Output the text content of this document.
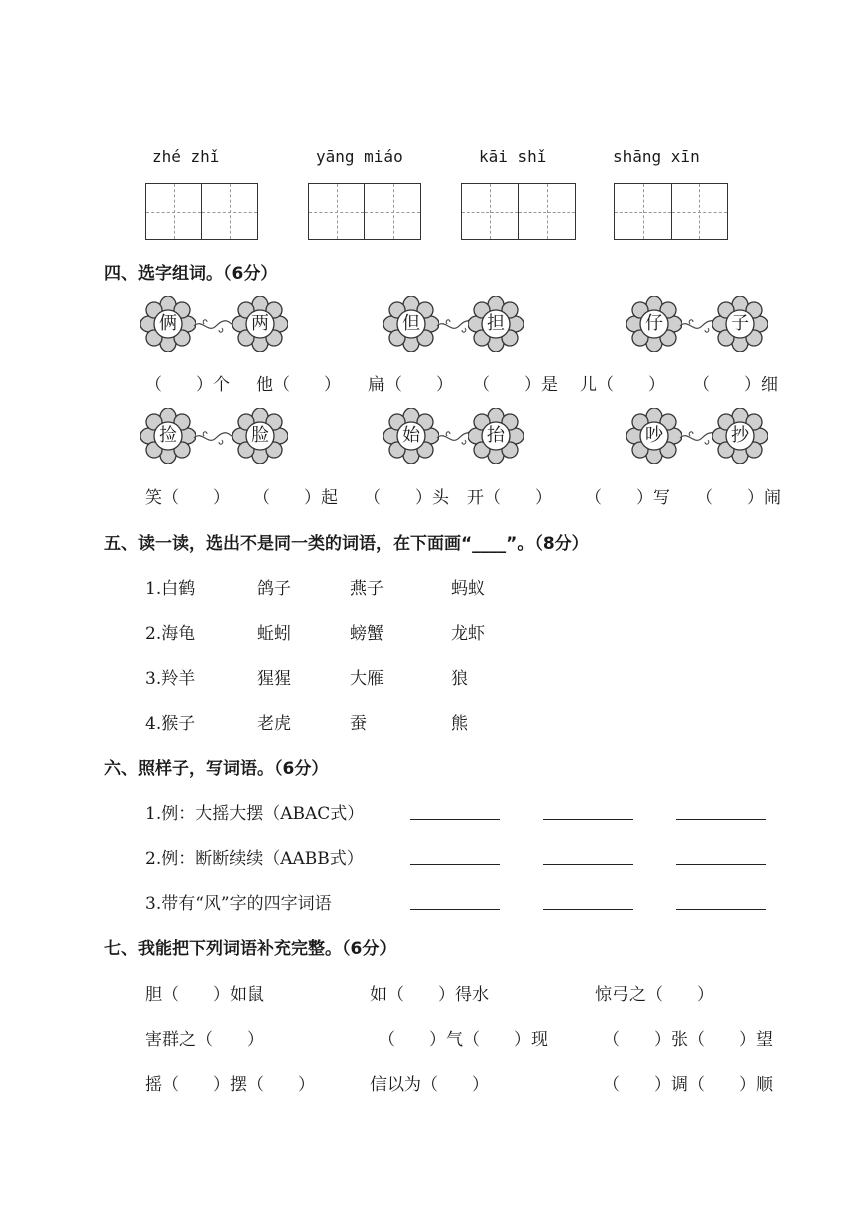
zhé zhǐ	yāng miáo	kāi shǐ	shāng xīn
四、选字组词。（6分）
俩	两	但	担	仔	子
（　　）个 他（　　） 扁（　　） （　　）是 儿（　　） （　　）细
捡	脸	始	抬	吵	抄
笑（　　） （　　）起 （　　）头 开（　　） （　　）写 （　　）闹
五、读一读，选出不是同一类的词语，在下面画“____”。（8分）
1.白鹤	鸽子	燕子	蚂蚁
2.海龟	蚯蚓	螃蟹	龙虾
3.羚羊	猩猩	大雁	狼
4.猴子	老虎	蚕	熊
六、照样子，写词语。（6分）
1.例：大摇大摆（ABAC式）
2.例：断断续续（AABB式）
3.带有“风”字的四字词语
七、我能把下列词语补充完整。（6分）
胆（　　）如鼠	如（　　）得水	惊弓之（　　）
害群之（　　）	（　　）气（　　）现	（　　）张（　　）望
摇（　　）摆（　　）	信以为（　　）	（　　）调（　　）顺
